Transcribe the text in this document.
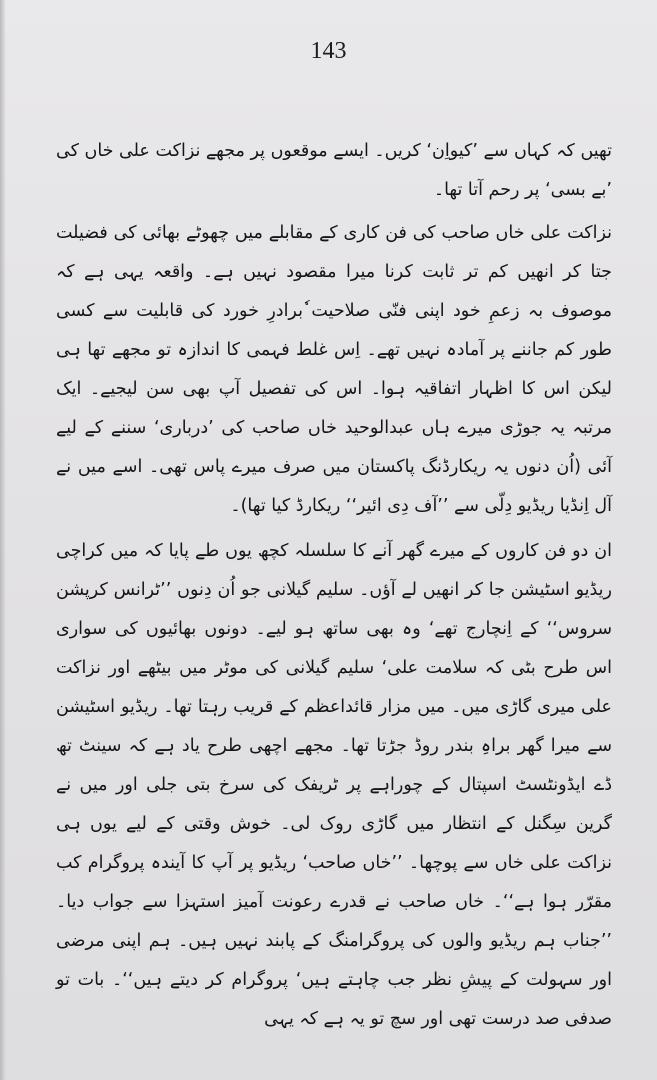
143

تھیں کہ کہاں سے ’کیواِن‘ کریں۔ ایسے موقعوں پر مجھے نزاکت علی خاں کی ’بے بسی‘ پر رحم آتا تھا۔

نزاکت علی خاں صاحب کی فن کاری کے مقابلے میں چھوٹے بھائی کی فضیلت جتا کر انھیں کم تر ثابت کرنا میرا مقصود نہیں ہے۔ واقعہ یہی ہے کہ موصوف بہ زعمِ خود اپنی فنّی صلاحیت ٗبرادرِ خورد کی قابلیت سے کسی طور کم جاننے پر آمادہ نہیں تھے۔ اِس غلط فہمی کا اندازہ تو مجھے تھا ہی لیکن اس کا اظہار اتفاقیہ ہوا۔ اس کی تفصیل آپ بھی سن لیجیے۔ ایک مرتبہ یہ جوڑی میرے ہاں عبدالوحید خاں صاحب کی ’درباری‘ سننے کے لیے آئی (اُن دنوں یہ ریکارڈنگ پاکستان میں صرف میرے پاس تھی۔ اسے میں نے آل اِنڈیا ریڈیو دِلّی سے ’’آف دِی ائیر‘‘ ریکارڈ کیا تھا)۔

ان دو فن کاروں کے میرے گھر آنے کا سلسلہ کچھ یوں طے پایا کہ میں کراچی ریڈیو اسٹیشن جا کر انھیں لے آؤں۔ سلیم گیلانی جو اُن دِنوں ’’ٹرانس کرپشن سروس‘‘ کے اِنچارج تھے‘ وہ بھی ساتھ ہو لیے۔ دونوں بھائیوں کی سواری اس طرح بٹی کہ سلامت علی‘ سلیم گیلانی کی موٹر میں بیٹھے اور نزاکت علی میری گاڑی میں۔ میں مزار قائداعظم کے قریب رہتا تھا۔ ریڈیو اسٹیشن سے میرا گھر براہِ بندر روڈ جڑتا تھا۔ مجھے اچھی طرح یاد ہے کہ سینٹ تھ ڈے ایڈونٹسٹ اسپتال کے چوراہے پر ٹریفک کی سرخ بتی جلی اور میں نے گرین سِگنل کے انتظار میں گاڑی روک لی۔ خوش وقتی کے لیے یوں ہی نزاکت علی خاں سے پوچھا۔ ’’خاں صاحب‘ ریڈیو پر آپ کا آیندہ پروگرام کب مقرّر ہوا ہے‘‘۔ خاں صاحب نے قدرے رعونت آمیز استہزا سے جواب دیا۔ ’’جناب ہم ریڈیو والوں کی پروگرامنگ کے پابند نہیں ہیں۔ ہم اپنی مرضی اور سہولت کے پیشِ نظر جب چاہتے ہیں‘ پروگرام کر دیتے ہیں‘‘۔ بات تو صدفی صد درست تھی اور سچ تو یہ ہے کہ یہی
